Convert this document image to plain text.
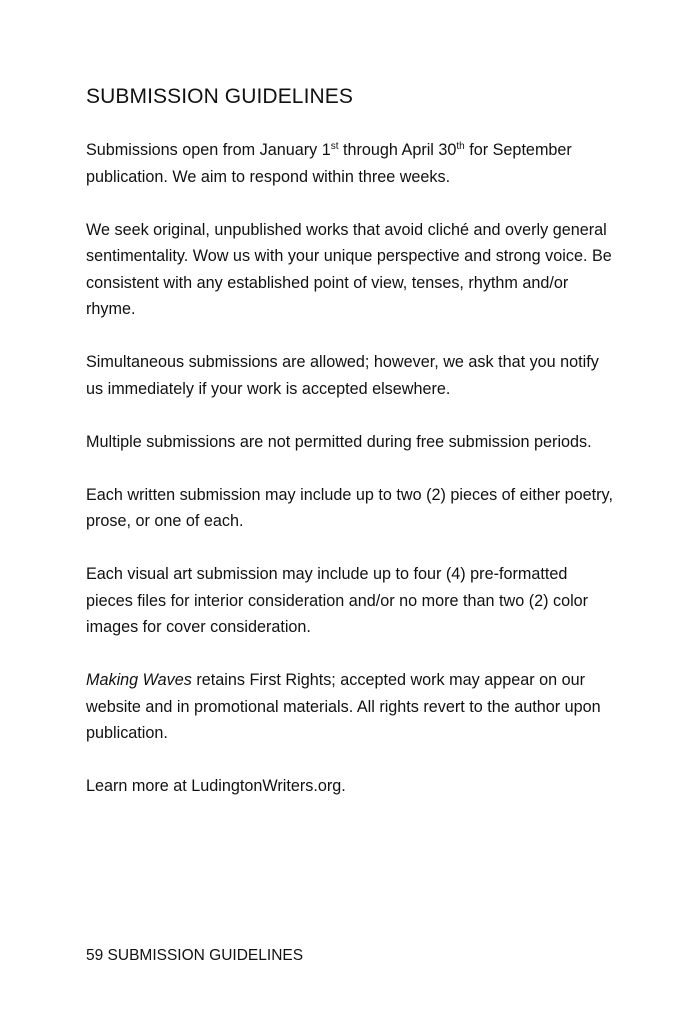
SUBMISSION GUIDELINES

Submissions open from January 1st through April 30th for September publication. We aim to respond within three weeks.

We seek original, unpublished works that avoid cliché and overly general sentimentality. Wow us with your unique perspective and strong voice. Be consistent with any established point of view, tenses, rhythm and/or rhyme.

Simultaneous submissions are allowed; however, we ask that you notify us immediately if your work is accepted elsewhere.

Multiple submissions are not permitted during free submission periods.

Each written submission may include up to two (2) pieces of either poetry, prose, or one of each.

Each visual art submission may include up to four (4) pre-formatted pieces files for interior consideration and/or no more than two (2) color images for cover consideration.

Making Waves retains First Rights; accepted work may appear on our website and in promotional materials. All rights revert to the author upon publication.

Learn more at LudingtonWriters.org.

59 SUBMISSION GUIDELINES
